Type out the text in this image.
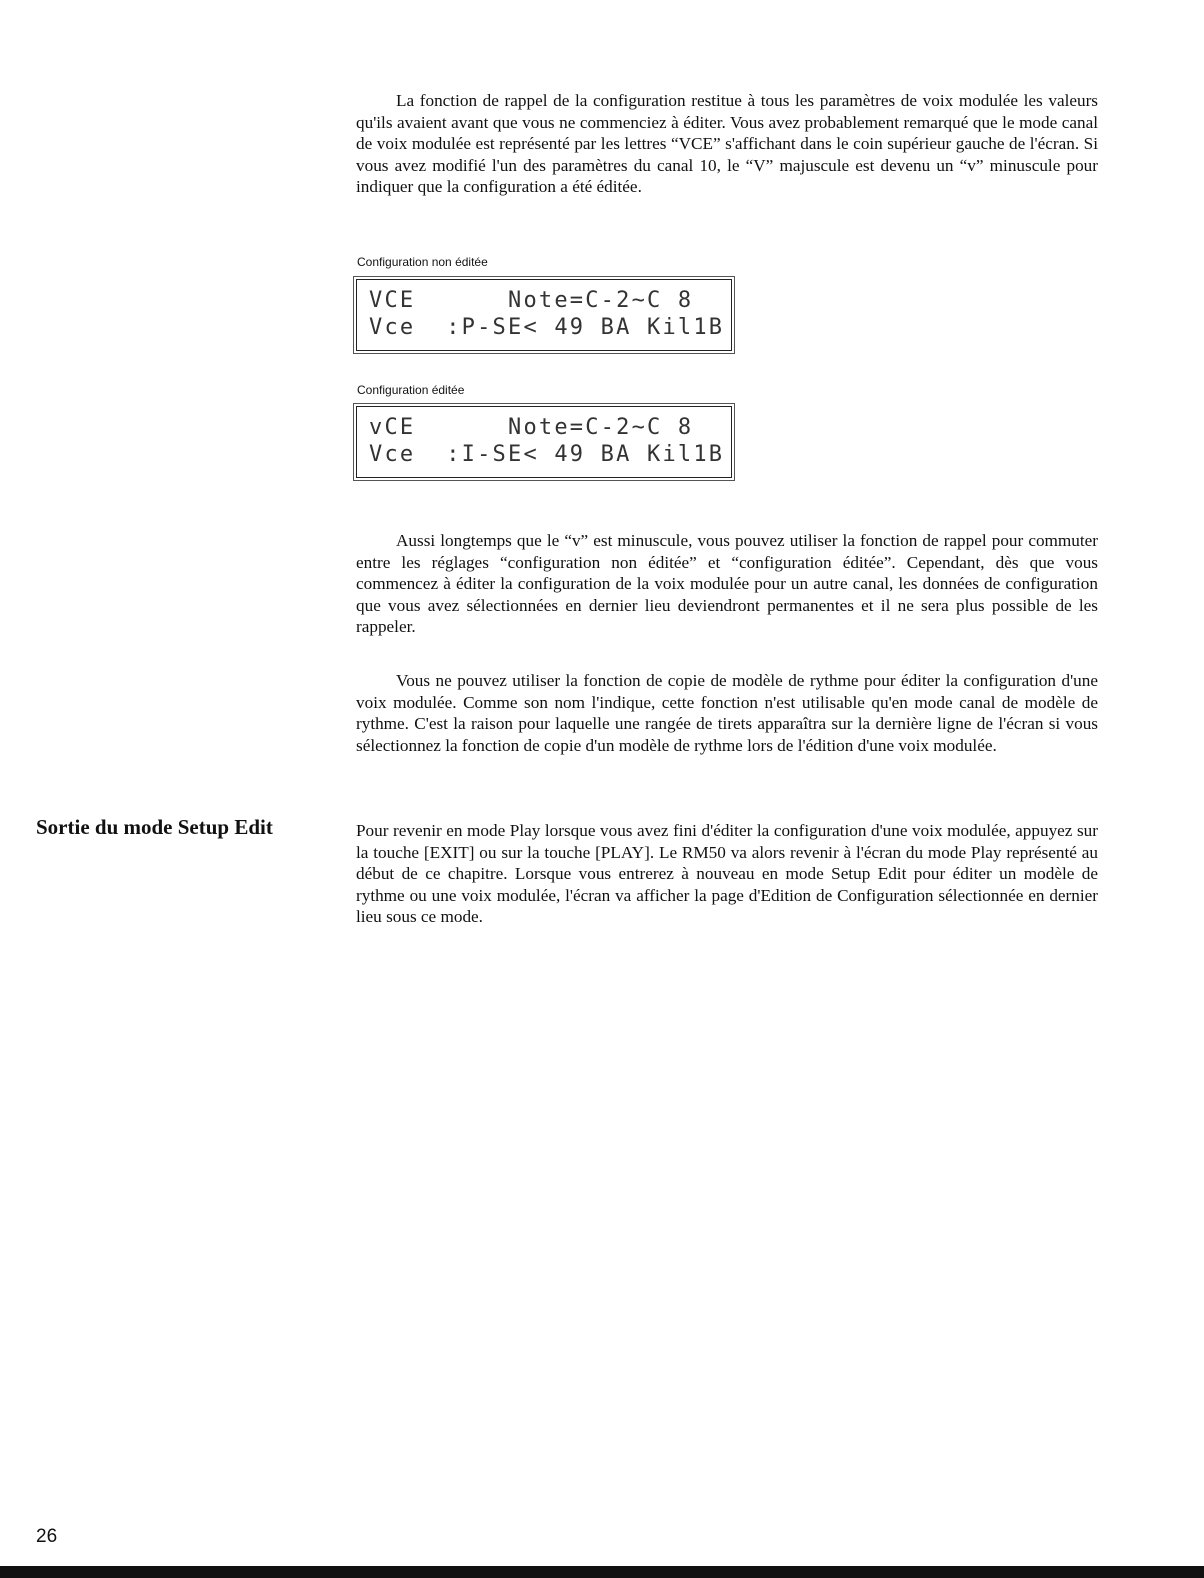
La fonction de rappel de la configuration restitue à tous les paramètres de voix modulée les valeurs qu'ils avaient avant que vous ne commenciez à éditer. Vous avez probablement remarqué que le mode canal de voix modulée est représenté par les lettres “VCE” s'affichant dans le coin supérieur gauche de l'écran. Si vous avez modifié l'un des paramètres du canal 10, le “V” majuscule est devenu un “v” minuscule pour indiquer que la configuration a été éditée.

Configuration non éditée
VCE      Note=C-2~C 8
Vce  :P-SE< 49 BA Kil1B
Configuration éditée
vCE      Note=C-2~C 8
Vce  :I-SE< 49 BA Kil1B

Aussi longtemps que le “v” est minuscule, vous pouvez utiliser la fonction de rappel pour commuter entre les réglages “configuration non éditée” et “configuration éditée”. Cependant, dès que vous commencez à éditer la configuration de la voix modulée pour un autre canal, les données de configuration que vous avez sélectionnées en dernier lieu deviendront permanentes et il ne sera plus possible de les rappeler.

Vous ne pouvez utiliser la fonction de copie de modèle de rythme pour éditer la configuration d'une voix modulée. Comme son nom l'indique, cette fonction n'est utilisable qu'en mode canal de modèle de rythme. C'est la raison pour laquelle une rangée de tirets apparaîtra sur la dernière ligne de l'écran si vous sélectionnez la fonction de copie d'un modèle de rythme lors de l'édition d'une voix modulée.

Sortie du mode Setup Edit	Pour revenir en mode Play lorsque vous avez fini d'éditer la configuration d'une voix modulée, appuyez sur la touche [EXIT] ou sur la touche [PLAY]. Le RM50 va alors revenir à l'écran du mode Play représenté au début de ce chapitre. Lorsque vous entrerez à nouveau en mode Setup Edit pour éditer un modèle de rythme ou une voix modulée, l'écran va afficher la page d'Edition de Configuration sélectionnée en dernier lieu sous ce mode.

26
